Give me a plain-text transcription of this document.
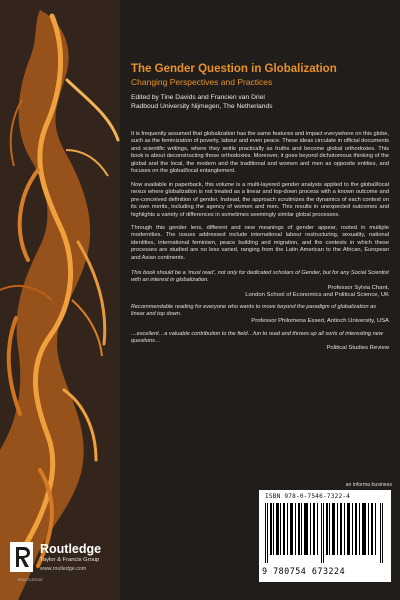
The Gender Question in Globalization

Changing Perspectives and Practices

Edited by Tine Davids and Francien van Driel

Radboud University Nijmegen, The Netherlands

It is frequently assumed that globalization has the same features and impact everywhere on this globe, such as the feminization of poverty, labour and even peace. These ideas circulate in official documents and scientific writings, where they settle practically as truths and become global orthodoxies. This book is about deconstructing those orthodoxies. Moreover, it goes beyond dichotomous thinking of the global and the local, the modern and the traditional and women and men as opposite entities, and focuses on the global/local entanglement.

Now available in paperback, this volume is a multi-layered gender analysis applied to the global/local nexus where globalization is not treated as a linear and top-down process with a known outcome and pre-conceived definition of gender. Instead, the approach scrutinizes the dynamics of each context on its own merits, including the agency of women and men. This results in unexpected outcomes and highlights a variety of differences in sometimes seemingly similar global processes.

Through this gender lens, different and new meanings of gender appear, rooted in multiple modernities. The issues addressed include international labour restructuring, sexuality, national identities, international feminism, peace building and migration, and the contexts in which these processes are studied are no less varied, ranging from the Latin American to the African, European and Asian continents.

This book should be a ‘must read’, not only for dedicated scholars of Gender, but for any Social Scientist with an interest in globalization.

Professor Sylvia Chant,

London School of Economics and Political Science, UK

Recommendable reading for everyone who wants to move beyond the paradigm of globalization as linear and top down.

Professor Philomena Essed, Antioch University, USA

…excellent…a valuable contribution to the field…fun to read and throws up all sorts of interesting new questions…

Political Studies Review

an informa business
ISBN 978-0-7546-7322-4
9 780754 673224
Routledge
Taylor & Francis Group
www.routledge.com
ROUTLEDGE
